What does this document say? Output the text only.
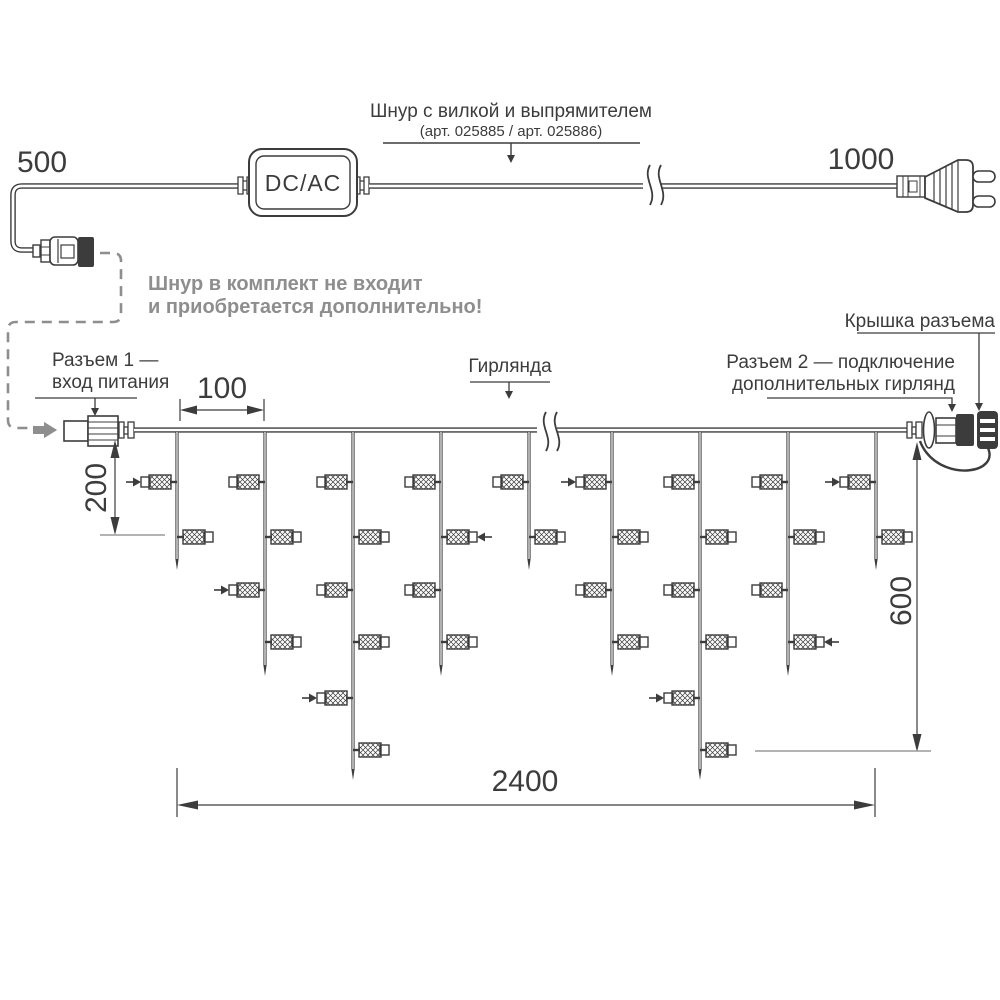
DC/AC
500	1000
Шнур с вилкой и выпрямителем
(арт. 025885 / арт. 025886)
Шнур в комплект не входит
и приобретается дополнительно!
Разъем 1 —
вход питания
Гирлянда	Разъем 2 — подключение
дополнительных гирлянд
Крышка разъема
100
200
600
2400
